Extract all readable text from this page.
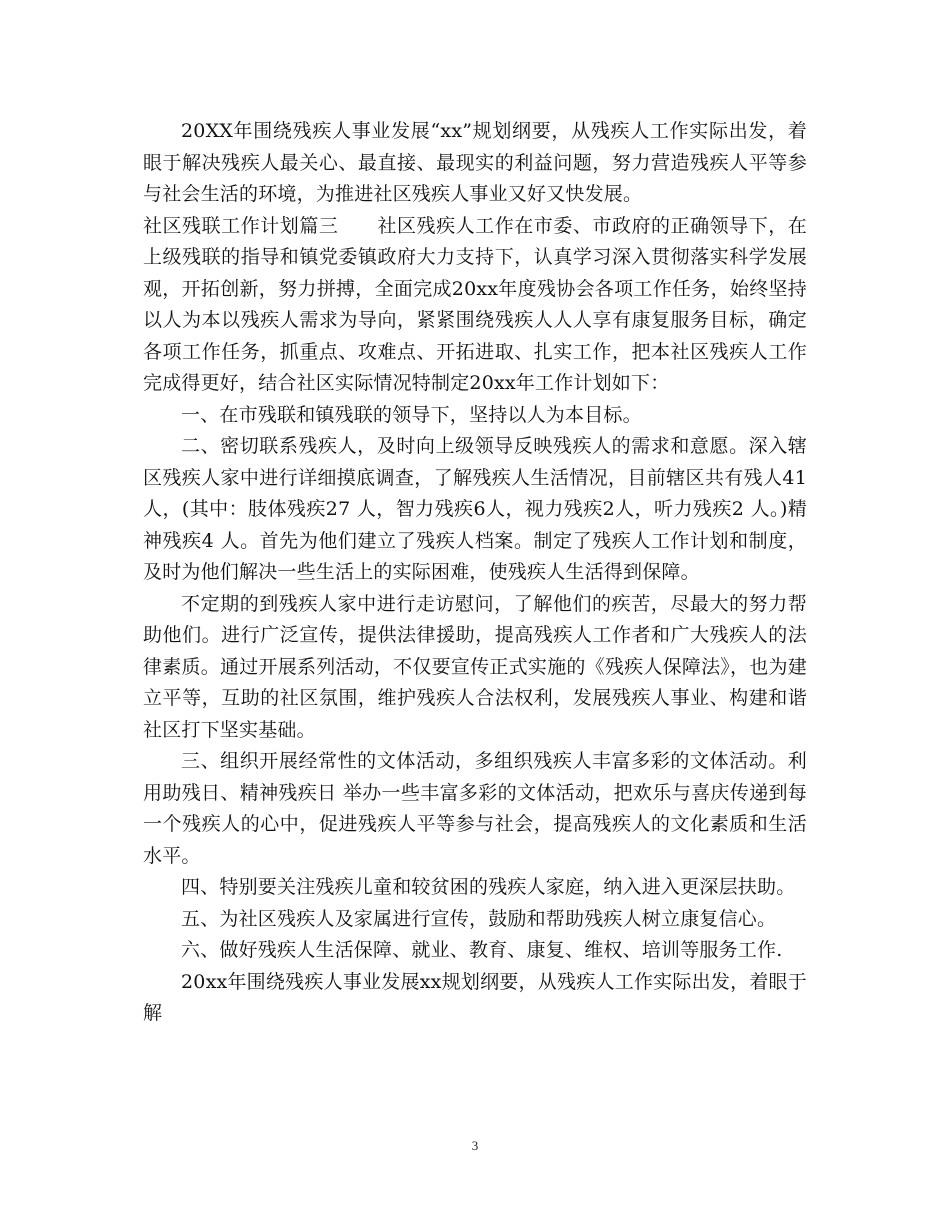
20XX年围绕残疾人事业发展“xx”规划纲要，从残疾人工作实际出发，着眼于解决残疾人最关心、最直接、最现实的利益问题，努力营造残疾人平等参与社会生活的环境，为推进社区残疾人事业又好又快发展。

社区残联工作计划篇三　　社区残疾人工作在市委、市政府的正确领导下，在上级残联的指导和镇党委镇政府大力支持下，认真学习深入贯彻落实科学发展观，开拓创新，努力拼搏，全面完成20xx年度残协会各项工作任务，始终坚持以人为本以残疾人需求为导向，紧紧围绕残疾人人人享有康复服务目标，确定各项工作任务，抓重点、攻难点、开拓进取、扎实工作，把本社区残疾人工作完成得更好，结合社区实际情况特制定20xx年工作计划如下：

一、在市残联和镇残联的领导下，坚持以人为本目标。

二、密切联系残疾人，及时向上级领导反映残疾人的需求和意愿。深入辖区残疾人家中进行详细摸底调查，了解残疾人生活情况，目前辖区共有残人41人，(其中：肢体残疾27 人，智力残疾6人，视力残疾2人，听力残疾2 人。)精神残疾4 人。首先为他们建立了残疾人档案。制定了残疾人工作计划和制度，及时为他们解决一些生活上的实际困难，使残疾人生活得到保障。

不定期的到残疾人家中进行走访慰问，了解他们的疾苦，尽最大的努力帮助他们。进行广泛宣传，提供法律援助，提高残疾人工作者和广大残疾人的法律素质。通过开展系列活动，不仅要宣传正式实施的《残疾人保障法》，也为建立平等，互助的社区氛围，维护残疾人合法权利，发展残疾人事业、构建和谐社区打下坚实基础。

三、组织开展经常性的文体活动，多组织残疾人丰富多彩的文体活动。利用助残日、精神残疾日 举办一些丰富多彩的文体活动，把欢乐与喜庆传递到每一个残疾人的心中，促进残疾人平等参与社会，提高残疾人的文化素质和生活水平。

四、特别要关注残疾儿童和较贫困的残疾人家庭，纳入进入更深层扶助。

五、为社区残疾人及家属进行宣传，鼓励和帮助残疾人树立康复信心。

六、做好残疾人生活保障、就业、教育、康复、维权、培训等服务工作.

20xx年围绕残疾人事业发展xx规划纲要，从残疾人工作实际出发，着眼于解

3
